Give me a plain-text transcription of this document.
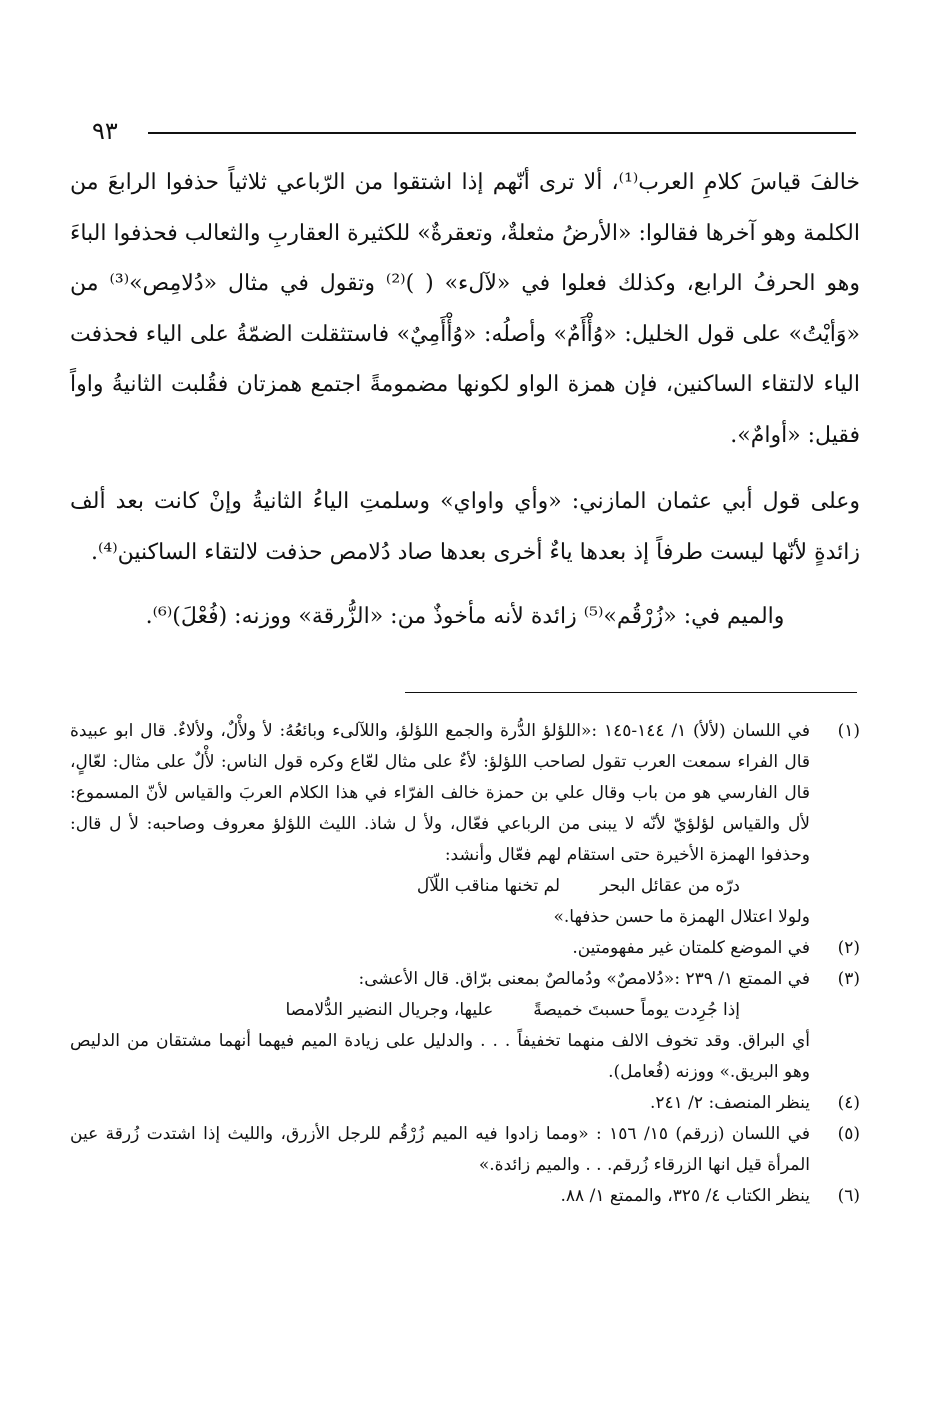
٩٣

خالفَ قياسَ كلامِ العرب⁽¹⁾، ألا ترى أنّهم إذا اشتقوا من الرّباعي ثلاثياً حذفوا الرابعَ من الكلمة وهو آخرها فقالوا: «الأرضُ مثعلةٌ، وتعقرةٌ» للكثيرة العقاربِ والثعالب فحذفوا الباءَ وهو الحرفُ الرابع، وكذلك فعلوا في «لآلء» ( )⁽²⁾ وتقول في مثال «دُلامِص»⁽³⁾ من «وَأيْتُ» على قول الخليل: «وُأْأَمٌ» وأصلُه: «وُأْأَمِيٌ» فاستثقلت الضمّةُ على الياء فحذفت الياء لالتقاء الساكنين، فإن همزة الواو لكونها مضمومةً اجتمع همزتان فقُلبت الثانيةُ واواً فقيل: «أوامٌ».

وعلى قول أبي عثمان المازني: «وأي واواي» وسلمتِ الياءُ الثانيةُ وإنْ كانت بعد ألف زائدةٍ لأنّها ليست طرفاً إذ بعدها ياءٌ أخرى بعدها صاد دُلامص حذفت لالتقاء الساكنين⁽⁴⁾.

والميم في: «زُرْقُم»⁽⁵⁾ زائدة لأنه مأخوذٌ من: «الزُّرقة» ووزنه: (فُعْلَ)⁽⁶⁾.

(١)

في اللسان (لألأ) ١/ ١٤٤-١٤٥ :«اللؤلؤ الدُّرة والجمع اللؤلؤ، واللآلىء وبائعُهُ: لأ ولأْلٌ، ولألاءٌ. قال ابو عبيدة قال الفراء سمعت العرب تقول لصاحب اللؤلؤ: لأءٌ على مثال لعّاع وكره قول الناس: لأْلٌ على مثال: لعّالٍ، قال الفارسي هو من باب وقال علي بن حمزة خالف الفرّاء في هذا الكلام العربَ والقياس لأنّ المسموع: لأل والقياس لؤلؤيّ لأنّه لا يبنى من الرباعي فعّال، ولأ ل شاذ. الليث اللؤلؤ معروف وصاحبه: لأ ل قال: وحذفوا الهمزة الأخيرة حتى استقام لهم فعّال وأنشد:

درّه من عقائل البحر
لم تخنها مناقب اللّآل

ولولا اعتلال الهمزة ما حسن حذفها.»

(٢)

في الموضع كلمتان غير مفهومتين.

(٣)

في الممتع ١/ ٢٣٩ :«دُلامصٌ» ودُمالصٌ بمعنى برّاق. قال الأعشى:

إذا جُرِدت يوماً حسبتَ خميصةً
عليها، وجريال النضير الدُّلامصا

أي البراق. وقد تخوف الالف منهما تخفيفاً . . . والدليل على زيادة الميم فيهما أنهما مشتقان من الدليص وهو البريق.» ووزنه (فُعامل).

(٤)

ينظر المنصف: ٢/ ٢٤١.

(٥)

في اللسان (زرقم) ١٥/ ١٥٦ : «ومما زادوا فيه الميم زُرْقُم للرجل الأزرق، والليث إذا اشتدت زُرقة عين المرأة قيل انها الزرقاء زُرقم. . . والميم زائدة.»

(٦)

ينظر الكتاب ٤/ ٣٢٥، والممتع ١/ ٨٨.
